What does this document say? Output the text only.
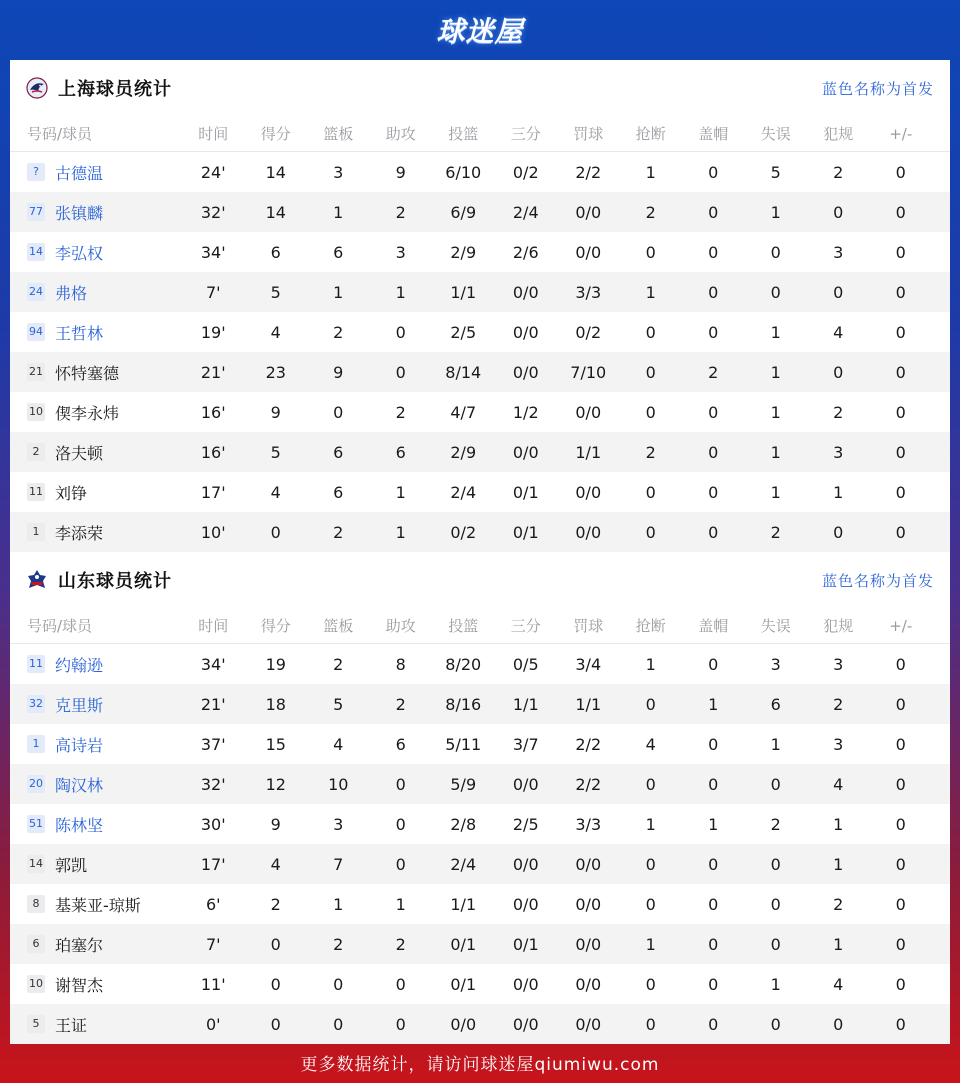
球迷屋
上海球员统计	蓝色名称为首发
号码/球员	时间	得分	篮板	助攻	投篮	三分	罚球	抢断	盖帽	失误	犯规	+/-
?	古德温	24'	14	3	9	6/10	0/2	2/2	1	0	5	2	0
77 张镇麟	32'	14	1	2	6/9	2/4	0/0	2	0	1	0	0
14 李弘权	34'	6	6	3	2/9	2/6	0/0	0	0	0	3	0
24 弗格	7'	5	1	1	1/1	0/0	3/3	1	0	0	0	0
94 王哲林	19'	4	2	0	2/5	0/0	0/2	0	0	1	4	0
21 怀特塞德	21'	23	9	0	8/14	0/0	7/10	0	2	1	0	0
10 偰李永炜	16'	9	0	2	4/7	1/2	0/0	0	0	1	2	0
2 洛夫顿	16'	5	6	6	2/9	0/0	1/1	2	0	1	3	0
11 刘铮	17'	4	6	1	2/4	0/1	0/0	0	0	1	1	0
1 李添荣	10'	0	2	1	0/2	0/1	0/0	0	0	2	0	0
山东球员统计	蓝色名称为首发
号码/球员	时间	得分	篮板	助攻	投篮	三分	罚球	抢断	盖帽	失误	犯规	+/-
11 约翰逊	34'	19	2	8	8/20	0/5	3/4	1	0	3	3	0
32 克里斯	21'	18	5	2	8/16	1/1	1/1	0	1	6	2	0
1 高诗岩	37'	15	4	6	5/11	3/7	2/2	4	0	1	3	0
20 陶汉林	32'	12	10	0	5/9	0/0	2/2	0	0	0	4	0
51 陈林坚	30'	9	3	0	2/8	2/5	3/3	1	1	2	1	0
14 郭凯	17'	4	7	0	2/4	0/0	0/0	0	0	0	1	0
8 基莱亚-琼斯	6'	2	1	1	1/1	0/0	0/0	0	0	0	2	0
6 珀塞尔	7'	0	2	2	0/1	0/1	0/0	1	0	0	1	0
10 谢智杰	11'	0	0	0	0/1	0/0	0/0	0	0	1	4	0
5 王证	0'	0	0	0	0/0	0/0	0/0	0	0	0	0	0
更多数据统计，请访问球迷屋qiumiwu.com
